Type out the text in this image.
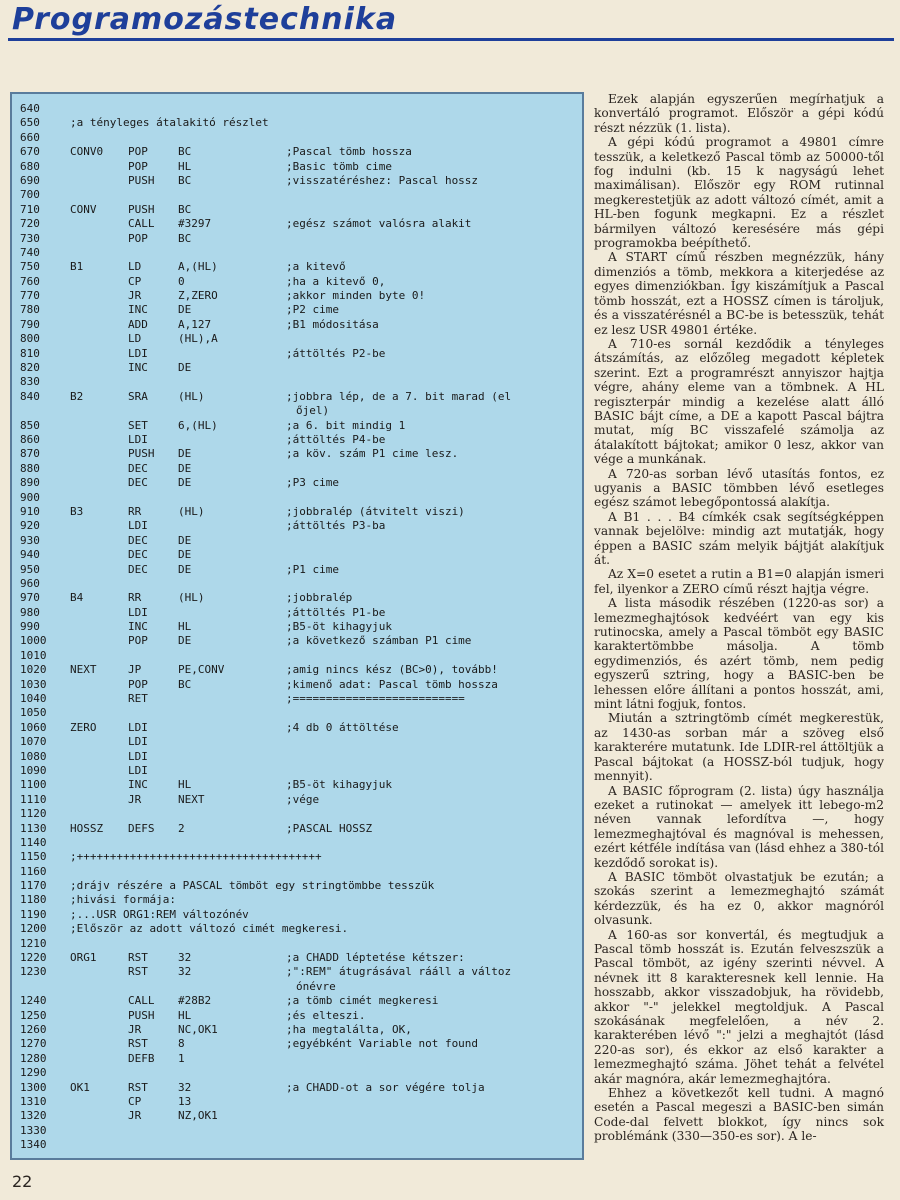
Programozástechnika
640
650	;a tényleges átalakitó részlet
660
670	CONV0 POP	BC	;Pascal tömb hossza
680	POP	HL	;Basic tömb cime
690	PUSH BC	;visszatéréshez: Pascal hossz
700
710	CONV	PUSH BC
720	CALL #3297	;egész számot valósra alakit
730	POP	BC
740
750	B1	LD	A,(HL)	;a kitevő
760	CP	0	;ha a kitevő 0,
770	JR	Z,ZERO	;akkor minden byte 0!
780	INC	DE	;P2 cime
790	ADD	A,127	;B1 módositása
800	LD	(HL),A
810	LDI	;áttöltés P2-be
820	INC	DE
830
840	B2	SRA	(HL)	;jobbra lép, de a 7. bit marad (el
őjel)
850	SET	6,(HL)	;a 6. bit mindig 1
860	LDI	;áttöltés P4-be
870	PUSH DE	;a köv. szám P1 cime lesz.
880	DEC	DE
890	DEC	DE	;P3 cime
900
910	B3	RR	(HL)	;jobbralép (átvitelt viszi)
920	LDI	;áttöltés P3-ba
930	DEC	DE
940	DEC	DE
950	DEC	DE	;P1 cime
960
970	B4	RR	(HL)	;jobbralép
980	LDI	;áttöltés P1-be
990	INC	HL	;B5-öt kihagyjuk
1000	POP	DE	;a következő számban P1 cime
1010
1020 NEXT	JP	PE,CONV	;amig nincs kész (BC>0), tovább!
1030	POP	BC	;kimenő adat: Pascal tömb hossza
1040	RET	;==========================
1050
1060 ZERO	LDI	;4 db 0 áttöltése
1070	LDI
1080	LDI
1090	LDI
1100	INC	HL	;B5-öt kihagyjuk
1110	JR	NEXT	;vége
1120
1130 HOSSZ DEFS 2	;PASCAL HOSSZ
1140
1150 ;+++++++++++++++++++++++++++++++++++++
1160
1170 ;drájv részére a PASCAL tömböt egy stringtömbbe tesszük
1180 ;hivási formája:
1190 ;...USR ORG1:REM változónév
1200 ;Először az adott változó cimét megkeresi.
1210
1220 ORG1	RST	32	;a CHADD léptetése kétszer:
1230	RST	32	;":REM" átugrásával rááll a változ
ónévre
1240	CALL #28B2	;a tömb cimét megkeresi
1250	PUSH HL	;és elteszi.
1260	JR	NC,OK1	;ha megtalálta, OK,
1270	RST	8	;egyébként Variable not found
1280	DEFB 1
1290
1300 OK1	RST	32	;a CHADD-ot a sor végére tolja
1310	CP	13
1320	JR	NZ,OK1
1330
1340

Ezek alapján egyszerűen megírhatjuk a konvertáló programot. Először a gépi kódú részt nézzük (1. lista).

A gépi kódú programot a 49801 címre tesszük, a keletkező Pascal tömb az 50000-től fog indulni (kb. 15 k nagyságú lehet maximálisan). Először egy ROM rutinnal megkerestetjük az adott változó címét, amit a HL-ben fogunk megkapni. Ez a részlet bármilyen változó keresésére más gépi programokba beépíthető.

A START című részben megnézzük, hány dimenziós a tömb, mekkora a kiterjedése az egyes dimenziókban. Így kiszámítjuk a Pascal tömb hosszát, ezt a HOSSZ címen is tároljuk, és a visszatérésnél a BC-be is betesszük, tehát ez lesz USR 49801 értéke.

A 710-es sornál kezdődik a tényleges átszámítás, az előzőleg megadott képletek szerint. Ezt a programrészt annyiszor hajtja végre, ahány eleme van a tömbnek. A HL regiszterpár mindig a kezelése alatt álló BASIC bájt címe, a DE a kapott Pascal bájtra mutat, míg BC visszafelé számolja az átalakított bájtokat; amikor 0 lesz, akkor van vége a munkának.

A 720-as sorban lévő utasítás fontos, ez ugyanis a BASIC tömbben lévő esetleges egész számot lebegőpontossá alakítja.

A B1 . . . B4 címkék csak segítségképpen vannak bejelölve: mindig azt mutatják, hogy éppen a BASIC szám melyik bájtját alakítjuk át.

Az X=0 esetet a rutin a B1=0 alapján ismeri fel, ilyenkor a ZERO című részt hajtja végre.

A lista második részében (1220-as sor) a lemezmeghajtósok kedvéért van egy kis rutinocska, amely a Pascal tömböt egy BASIC karaktertömbbe másolja. A tömb egydimenziós, és azért tömb, nem pedig egyszerű sztring, hogy a BASIC-ben be lehessen előre állítani a pontos hosszát, ami, mint látni fogjuk, fontos.

Miután a sztringtömb címét megkerestük, az 1430-as sorban már a szöveg első karakterére mutatunk. Ide LDIR-rel áttöltjük a Pascal bájtokat (a HOSSZ-ból tudjuk, hogy mennyit).

A BASIC főprogram (2. lista) úgy használja ezeket a rutinokat — amelyek itt lebego-m2 néven vannak lefordítva —, hogy lemezmeghajtóval és magnóval is mehessen, ezért kétféle indítása van (lásd ehhez a 380-tól kezdődő sorokat is).

A BASIC tömböt olvastatjuk be ezután; a szokás szerint a lemezmeghajtó számát kérdezzük, és ha ez 0, akkor magnóról olvasunk.

A 160-as sor konvertál, és megtudjuk a Pascal tömb hosszát is. Ezután felveszszük a Pascal tömböt, az igény szerinti névvel. A névnek itt 8 karakteresnek kell lennie. Ha hosszabb, akkor visszadobjuk, ha rövidebb, akkor "-" jelekkel megtoldjuk. A Pascal szokásának megfelelően, a név 2. karakterében lévő ":" jelzi a meghajtót (lásd 220-as sor), és ekkor az első karakter a lemezmeghajtó száma. Jöhet tehát a felvétel akár magnóra, akár lemezmeghajtóra.

Ehhez a következőt kell tudni. A magnó esetén a Pascal megeszi a BASIC-ben simán Code-dal felvett blokkot, így nincs sok problémánk (330—350-es sor). A le-

22
